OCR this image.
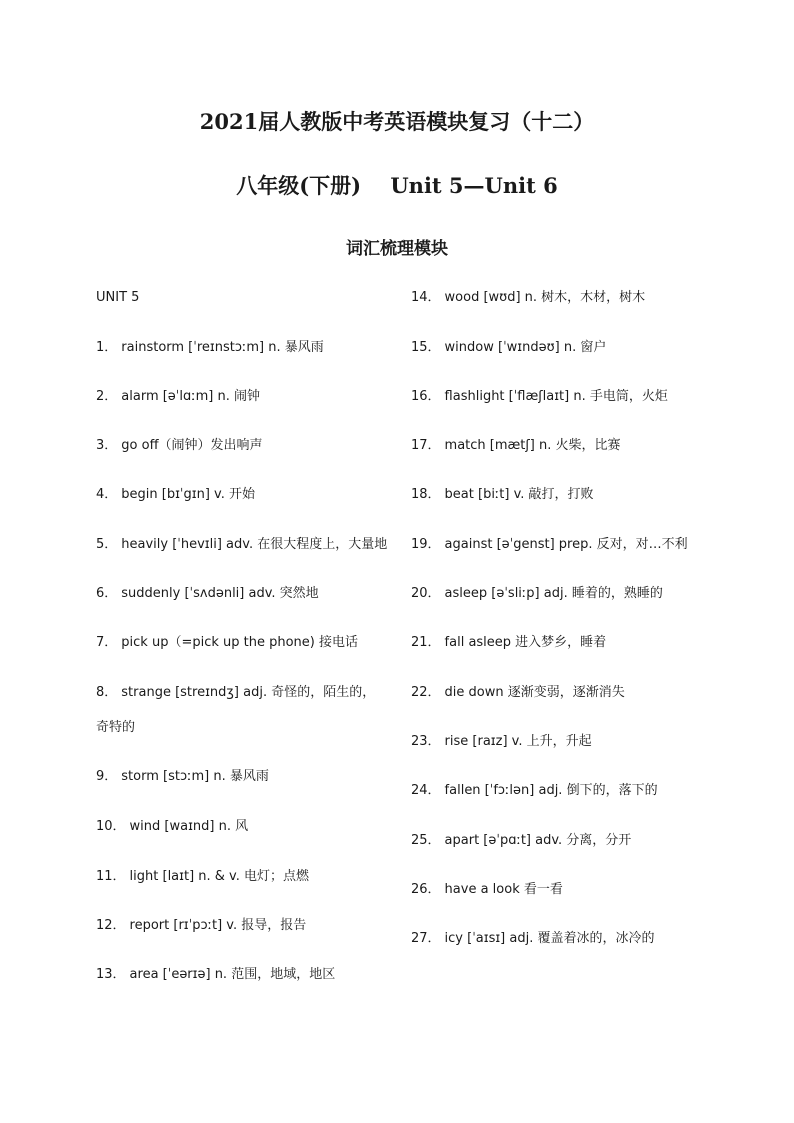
2021届人教版中考英语模块复习（十二）
八年级(下册)    Unit 5—Unit 6
词汇梳理模块

UNIT 5

1． rainstorm [ˈreɪnstɔːm] n. 暴风雨
2． alarm [əˈlɑːm] n. 闹钟
3． go off（闹钟）发出响声
4． begin [bɪˈgɪn] v. 开始
5． heavily [ˈhevɪli] adv. 在很大程度上，大量地
6． suddenly [ˈsʌdənli] adv. 突然地
7． pick up（=pick up the phone) 接电话
8． strange [streɪndʒ] adj. 奇怪的，陌生的，奇特的
9． storm [stɔːm] n. 暴风雨
10． wind [waɪnd] n. 风
11． light [laɪt] n. & v. 电灯；点燃
12． report [rɪˈpɔːt] v. 报导，报告
13． area [ˈeərɪə] n. 范围，地域，地区
14． wood [wʊd] n. 树木，木材，树木
15． window [ˈwɪndəʊ] n. 窗户
16． flashlight [ˈflæʃlaɪt] n. 手电筒，火炬
17． match [mætʃ] n. 火柴，比赛
18． beat [biːt] v. 敲打，打败
19． against [əˈgenst] prep. 反对，对…不利
20． asleep [əˈsliːp] adj. 睡着的，熟睡的
21． fall asleep 进入梦乡，睡着
22． die down 逐渐变弱，逐渐消失
23． rise [raɪz] v. 上升，升起
24． fallen [ˈfɔːlən] adj. 倒下的，落下的
25． apart [əˈpɑːt] adv. 分离，分开
26． have a look 看一看
27． icy [ˈaɪsɪ] adj. 覆盖着冰的，冰冷的
